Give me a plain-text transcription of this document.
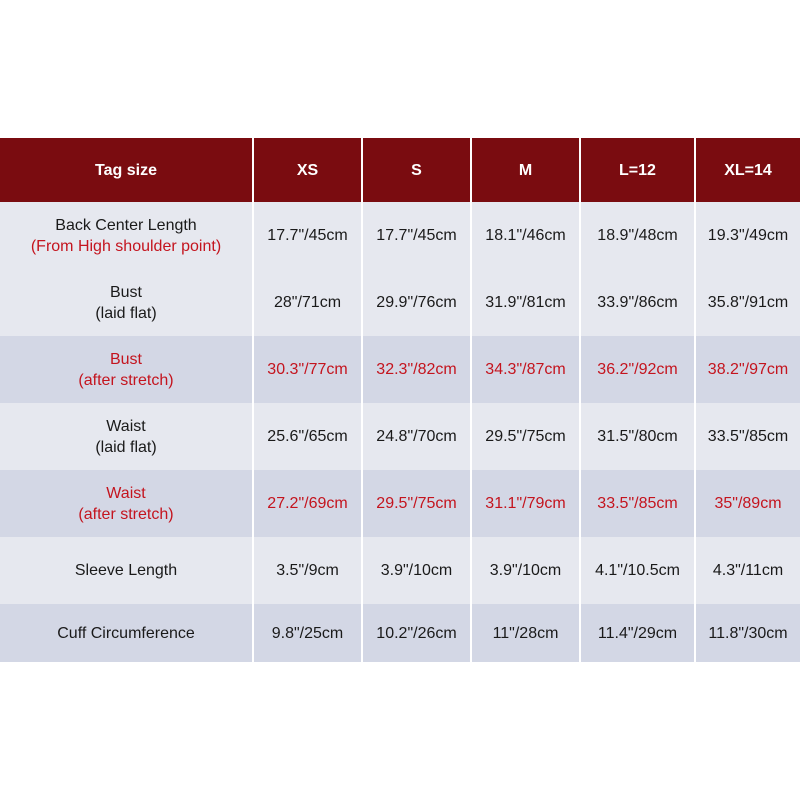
Tag size	XS	S	M	L=12	XL=14
Back Center Length
(From High shoulder point)	17.7"/45cm	17.7"/45cm	18.1"/46cm	18.9"/48cm	19.3"/49cm
Bust
(laid flat)	28"/71cm	29.9"/76cm	31.9"/81cm	33.9"/86cm	35.8"/91cm
Bust
(after stretch)	30.3"/77cm	32.3"/82cm	34.3"/87cm	36.2"/92cm	38.2"/97cm
Waist
(laid flat)	25.6"/65cm	24.8"/70cm	29.5"/75cm	31.5"/80cm	33.5"/85cm
Waist
(after stretch)	27.2"/69cm	29.5"/75cm	31.1"/79cm	33.5"/85cm	35"/89cm
Sleeve Length	3.5"/9cm	3.9"/10cm	3.9"/10cm	4.1"/10.5cm	4.3"/11cm
Cuff Circumference	9.8"/25cm	10.2"/26cm	11"/28cm	11.4"/29cm	11.8"/30cm
